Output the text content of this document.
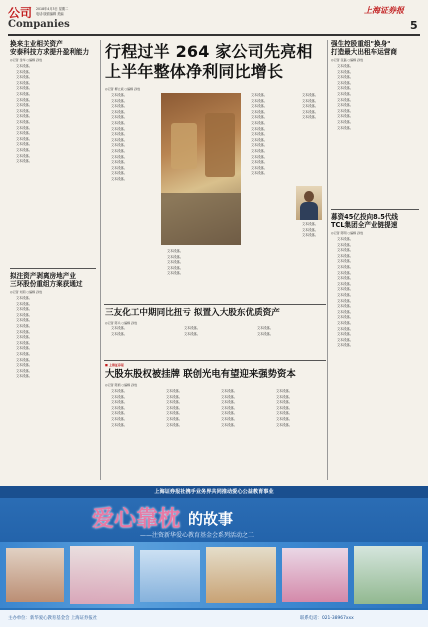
公司 2018年4月3日 星期二
电话:版面编辑 美编
Companies
上海证券报
5
换来主业相关资产
安泰科技方求提升盈利能力
◎记者 金华 ○编辑 孙放

文本段落。

文本段落。

文本段落。

文本段落。

文本段落。

文本段落。

文本段落。

文本段落。

文本段落。

文本段落。

文本段落。

文本段落。

文本段落。

文本段落。

文本段落。

文本段落。

文本段落。

文本段落。

拟注资产剥离房地产业
三环股份重组方案获通过
◎记者 刘莉 ○编辑 孙放

文本段落。

文本段落。

文本段落。

文本段落。

文本段落。

文本段落。

文本段落。

文本段落。

文本段落。

文本段落。

文本段落。

文本段落。

文本段落。

文本段落。

文本段落。

行程过半 264 家公司先亮相
上半年整体净利同比增长
◎记者 柳立斌 ○编辑 孙放

文本段落。

文本段落。

文本段落。

文本段落。

文本段落。

文本段落。

文本段落。

文本段落。

文本段落。

文本段落。

文本段落。

文本段落。

文本段落。

文本段落。

文本段落。

文本段落。

文本段落。

文本段落。

文本段落。

文本段落。

文本段落。

文本段落。

文本段落。

文本段落。

文本段落。

文本段落。

文本段落。

文本段落。

文本段落。

文本段落。

文本段落。

文本段落。

文本段落。

文本段落。

文本段落。

文本段落。

文本段落。

文本段落。

文本段落。

文本段落。

文本段落。

文本段落。

文本段落。

文本段落。

强生控股重组"换身"
打造最大出租车运营商
◎记者 张磊 ○编辑 孙放

文本段落。

文本段落。

文本段落。

文本段落。

文本段落。

文本段落。

文本段落。

文本段落。

文本段落。

文本段落。

文本段落。

文本段落。

募资45亿投向8.5代线
TCL集团全产业链提速
◎记者 陈明 ○编辑 孙放

文本段落。

文本段落。

文本段落。

文本段落。

文本段落。

文本段落。

文本段落。

文本段落。

文本段落。

文本段落。

文本段落。

文本段落。

文本段落。

文本段落。

文本段落。

文本段落。

文本段落。

文本段落。

文本段落。

文本段落。

三友化工中期同比扭亏 拟置入大股东优质资产
◎记者 陈兵 ○编辑 孙放

文本段落。

文本段落。

文本段落。

文本段落。

文本段落。

文本段落。

■ 上海证券报
大股东股权被挂牌 联创光电有望迎来强势资本
◎记者 陈炳 ○编辑 孙放

文本段落。

文本段落。

文本段落。

文本段落。

文本段落。

文本段落。

文本段落。

文本段落。

文本段落。

文本段落。

文本段落。

文本段落。

文本段落。

文本段落。

文本段落。

文本段落。

文本段落。

文本段落。

文本段落。

文本段落。

文本段落。

文本段落。

文本段落。

文本段落。

文本段落。

文本段落。

文本段落。

文本段落。

上海证券报社携手业务界共同推动爱心公益教育事业
爱心靠枕 的故事
——注资新华爱心教育基金会系列活动之二
主办单位：新华爱心教育基金会 上海证券报社	联系电话：021-38967xxx
